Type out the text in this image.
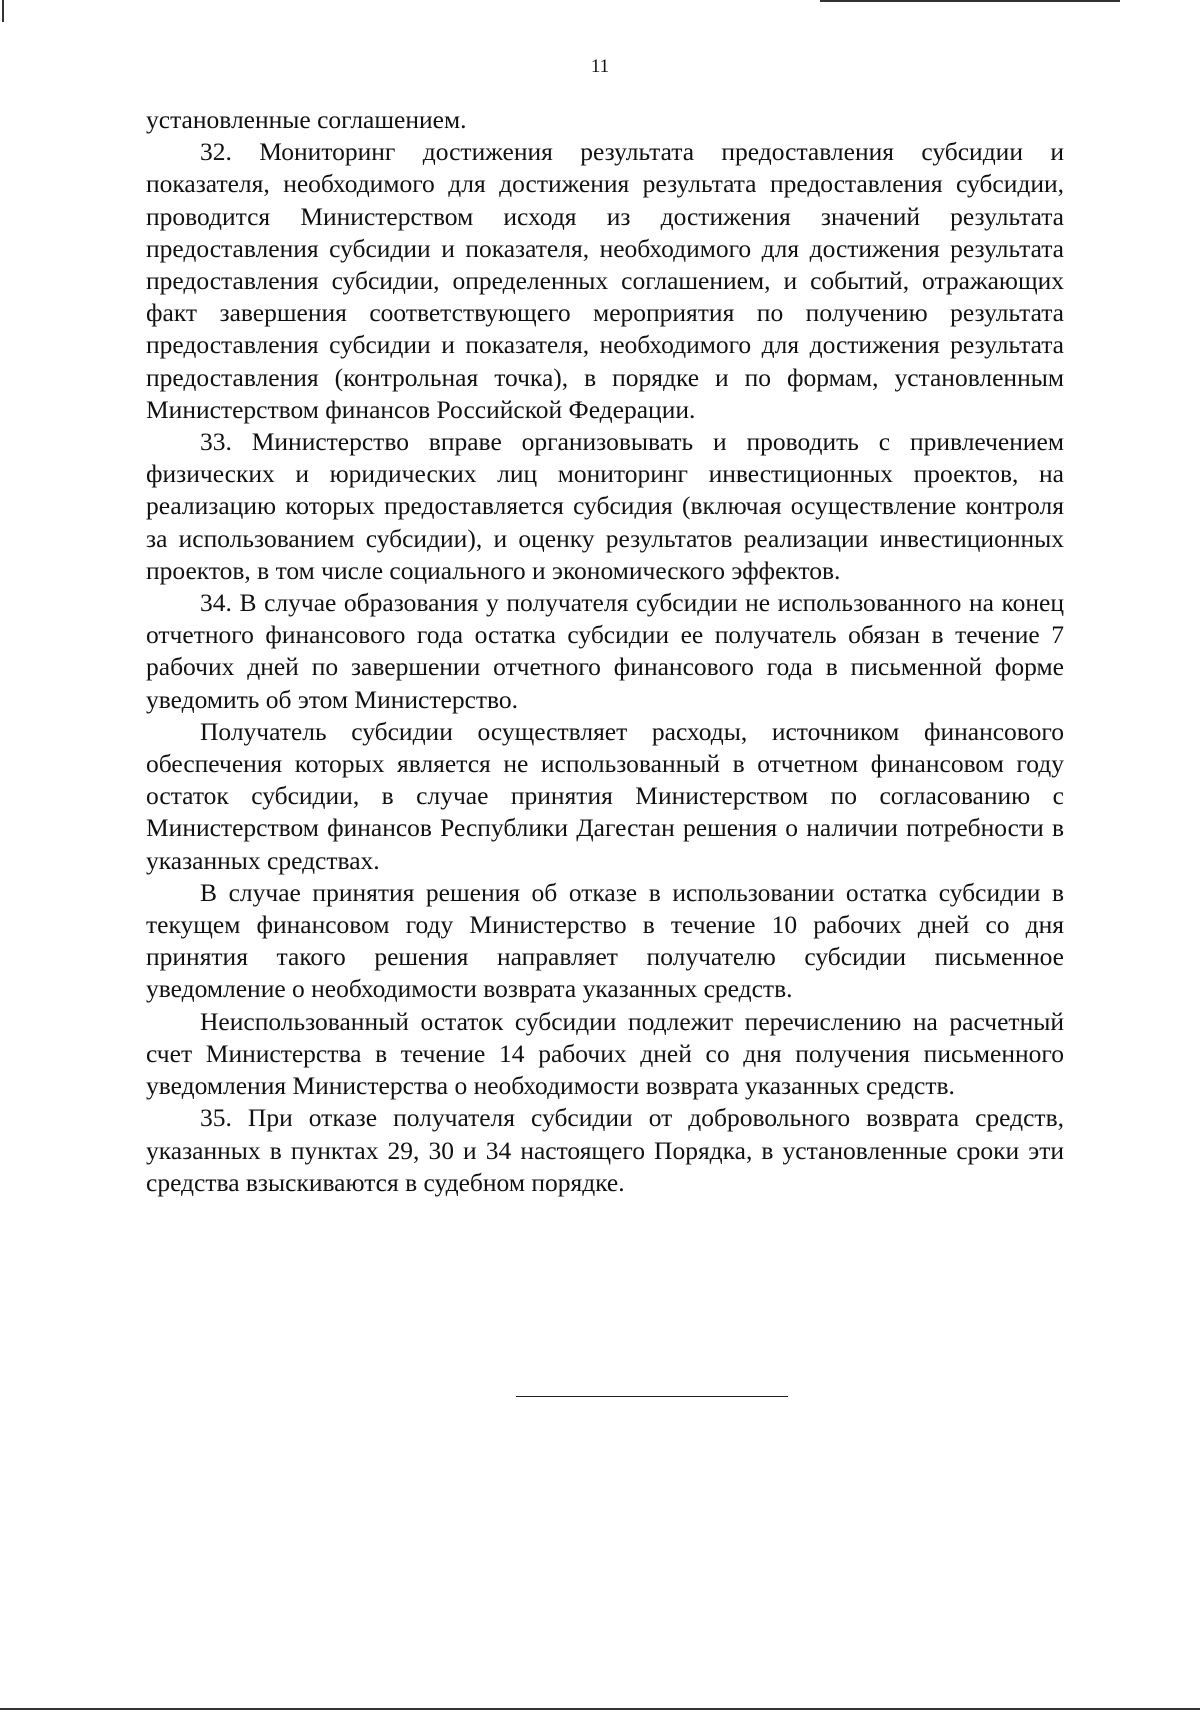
11

установленные соглашением.

32. Мониторинг достижения результата предоставления субсидии и показателя, необходимого для достижения результата предоставления субсидии, проводится Министерством исходя из достижения значений результата предоставления субсидии и показателя, необходимого для достижения результата предоставления субсидии, определенных соглашением, и событий, отражающих факт завершения соответствующего мероприятия по получению результата предоставления субсидии и показателя, необходимого для достижения результата предоставления (контрольная точка), в порядке и по формам, установленным Министерством финансов Российской Федерации.

33. Министерство вправе организовывать и проводить с привлечением физических и юридических лиц мониторинг инвестиционных проектов, на реализацию которых предоставляется субсидия (включая осуществление контроля за использованием субсидии), и оценку результатов реализации инвестиционных проектов, в том числе социального и экономического эффектов.

34. В случае образования у получателя субсидии не использованного на конец отчетного финансового года остатка субсидии ее получатель обязан в течение 7 рабочих дней по завершении отчетного финансового года в письменной форме уведомить об этом Министерство.

Получатель субсидии осуществляет расходы, источником финансового обеспечения которых является не использованный в отчетном финансовом году остаток субсидии, в случае принятия Министерством по согласованию с Министерством финансов Республики Дагестан решения о наличии потребности в указанных средствах.

В случае принятия решения об отказе в использовании остатка субсидии в текущем финансовом году Министерство в течение 10 рабочих дней со дня принятия такого решения направляет получателю субсидии письменное уведомление о необходимости возврата указанных средств.

Неиспользованный остаток субсидии подлежит перечислению на расчетный счет Министерства в течение 14 рабочих дней со дня получения письменного уведомления Министерства о необходимости возврата указанных средств.

35. При отказе получателя субсидии от добровольного возврата средств, указанных в пунктах 29, 30 и 34 настоящего Порядка, в установленные сроки эти средства взыскиваются в судебном порядке.
